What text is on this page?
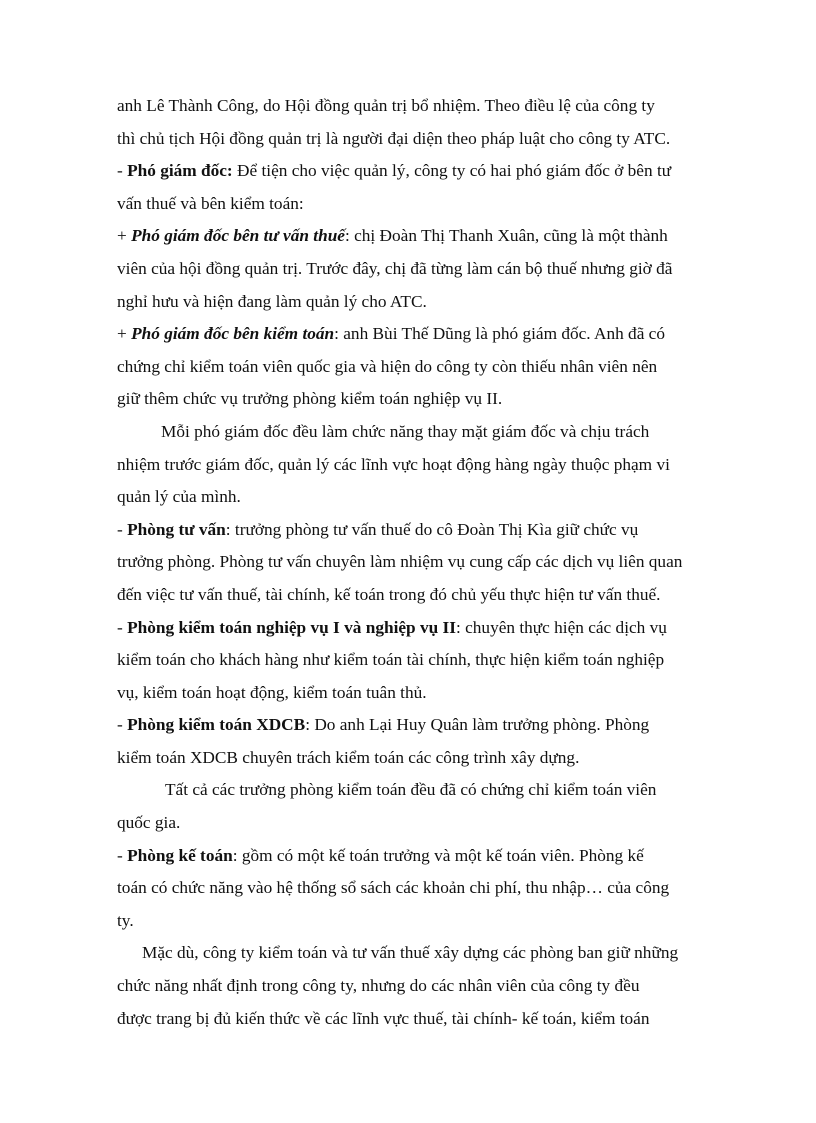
anh Lê Thành Công, do Hội đồng quản trị bổ nhiệm. Theo điều lệ của công ty
thì chủ tịch Hội đồng quản trị là người đại diện theo pháp luật cho công ty ATC.
- Phó giám đốc: Để tiện cho việc quản lý, công ty có hai phó giám đốc ở bên tư
vấn thuế và bên kiểm toán:
+ Phó giám đốc bên tư vấn thuế: chị Đoàn Thị Thanh Xuân, cũng là một thành
viên của hội đồng quản trị. Trước đây, chị đã từng làm cán bộ thuế nhưng giờ đã
nghỉ hưu và hiện đang làm quản lý cho ATC.
+ Phó giám đốc bên kiểm toán: anh Bùi Thế Dũng là phó giám đốc. Anh đã có
chứng chỉ kiểm toán viên quốc gia và hiện do công ty còn thiếu nhân viên nên
giữ thêm chức vụ trưởng phòng kiểm toán nghiệp vụ II.
Mỗi phó giám đốc đều làm chức năng thay mặt giám đốc và chịu trách
nhiệm trước giám đốc, quản lý các lĩnh vực hoạt động hàng ngày thuộc phạm vi
quản lý của mình.
- Phòng tư vấn: trưởng phòng tư vấn thuế do cô Đoàn Thị Kìa giữ chức vụ
trưởng phòng. Phòng tư vấn chuyên làm nhiệm vụ cung cấp các dịch vụ liên quan
đến việc tư vấn thuế, tài chính, kế toán trong đó chủ yếu thực hiện tư vấn thuế.
- Phòng kiểm toán nghiệp vụ I và nghiệp vụ II: chuyên thực hiện các dịch vụ
kiểm toán cho khách hàng như kiểm toán tài chính, thực hiện kiểm toán nghiệp
vụ, kiểm toán hoạt động, kiểm toán tuân thủ.
- Phòng kiểm toán XDCB: Do anh Lại Huy Quân làm trưởng phòng. Phòng
kiểm toán XDCB chuyên trách kiểm toán các công trình xây dựng.
Tất cả các trưởng phòng kiểm toán đều đã có chứng chỉ kiểm toán viên
quốc gia.
- Phòng kế toán: gồm có một kế toán trưởng và một kế toán viên. Phòng kế
toán có chức năng vào hệ thống sổ sách các khoản chi phí, thu nhập… của công
ty.
Mặc dù, công ty kiểm toán và tư vấn thuế xây dựng các phòng ban giữ những
chức năng nhất định trong công ty, nhưng do các nhân viên của công ty đều
được trang bị đủ kiến thức về các lĩnh vực thuế, tài chính- kế toán, kiểm toán
